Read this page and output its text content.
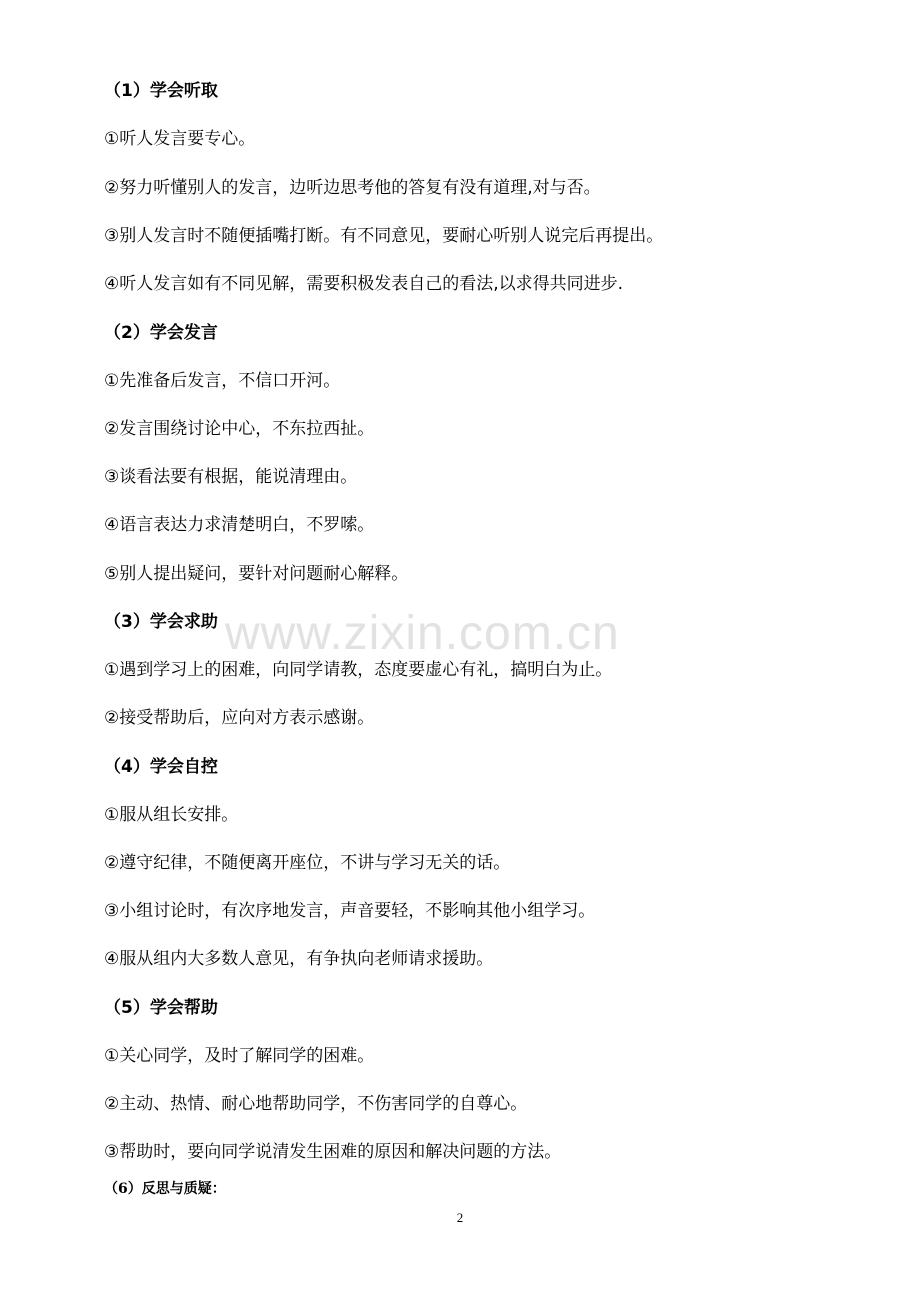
www.zixin.com.cn
（1）学会听取
①听人发言要专心。
②努力听懂别人的发言，边听边思考他的答复有没有道理,对与否。
③别人发言时不随便插嘴打断。有不同意见，要耐心听别人说完后再提出。
④听人发言如有不同见解，需要积极发表自己的看法,以求得共同进步.
（2）学会发言
①先准备后发言，不信口开河。
②发言围绕讨论中心，不东拉西扯。
③谈看法要有根据，能说清理由。
④语言表达力求清楚明白，不罗嗦。
⑤别人提出疑问，要针对问题耐心解释。
（3）学会求助
①遇到学习上的困难，向同学请教，态度要虚心有礼，搞明白为止。
②接受帮助后，应向对方表示感谢。
（4）学会自控
①服从组长安排。
②遵守纪律，不随便离开座位，不讲与学习无关的话。
③小组讨论时，有次序地发言，声音要轻，不影响其他小组学习。
④服从组内大多数人意见，有争执向老师请求援助。
（5）学会帮助
①关心同学，及时了解同学的困难。
②主动、热情、耐心地帮助同学，不伤害同学的自尊心。
③帮助时，要向同学说清发生困难的原因和解决问题的方法。
（6）反思与质疑：
2
